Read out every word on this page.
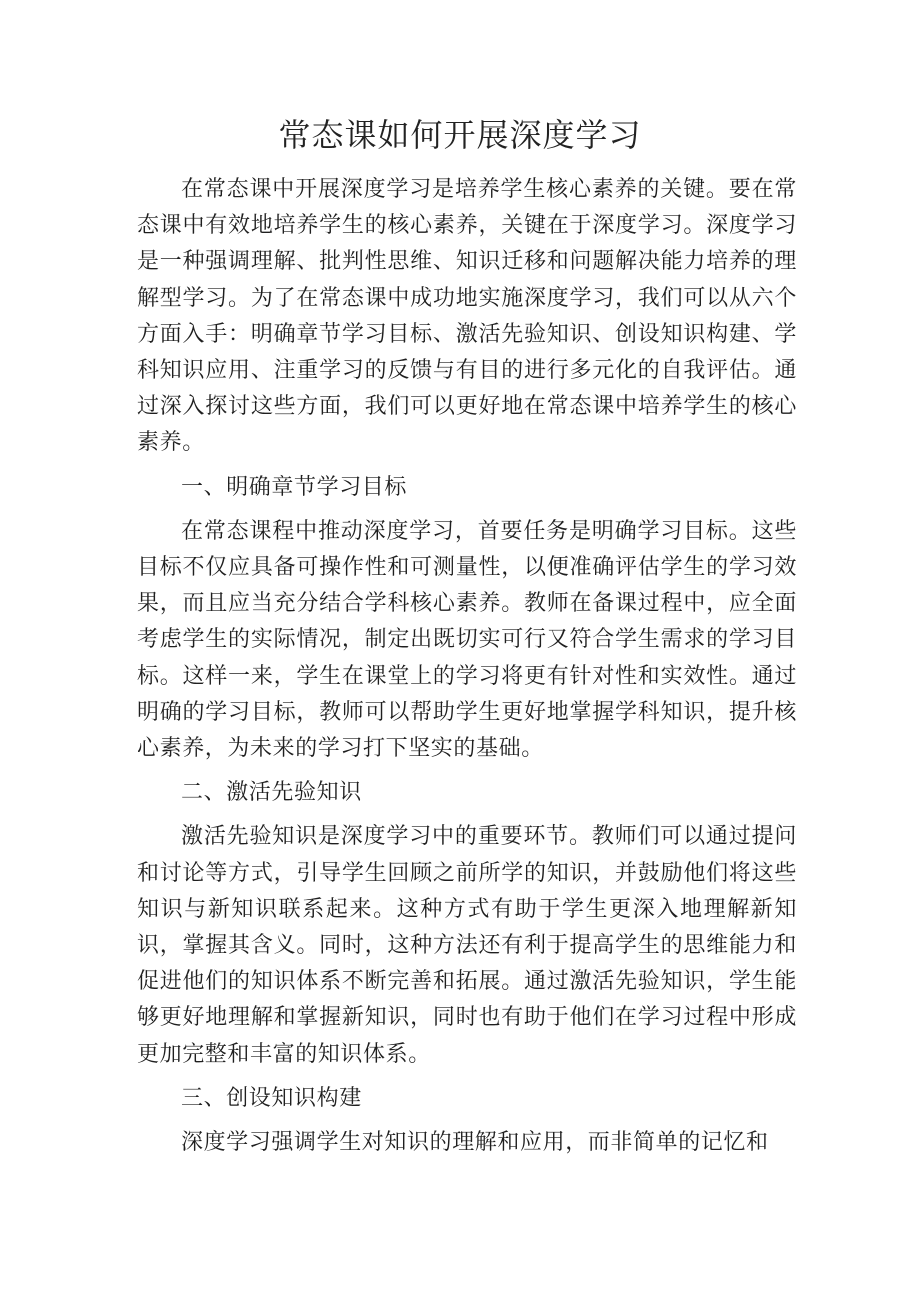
常态课如何开展深度学习

在常态课中开展深度学习是培养学生核心素养的关键。要在常态课中有效地培养学生的核心素养，关键在于深度学习。深度学习是一种强调理解、批判性思维、知识迁移和问题解决能力培养的理解型学习。为了在常态课中成功地实施深度学习，我们可以从六个方面入手：明确章节学习目标、激活先验知识、创设知识构建、学科知识应用、注重学习的反馈与有目的进行多元化的自我评估。通过深入探讨这些方面，我们可以更好地在常态课中培养学生的核心素养。

一、明确章节学习目标

在常态课程中推动深度学习，首要任务是明确学习目标。这些目标不仅应具备可操作性和可测量性，以便准确评估学生的学习效果，而且应当充分结合学科核心素养。教师在备课过程中，应全面考虑学生的实际情况，制定出既切实可行又符合学生需求的学习目标。这样一来，学生在课堂上的学习将更有针对性和实效性。通过明确的学习目标，教师可以帮助学生更好地掌握学科知识，提升核心素养，为未来的学习打下坚实的基础。

二、激活先验知识

激活先验知识是深度学习中的重要环节。教师们可以通过提问和讨论等方式，引导学生回顾之前所学的知识，并鼓励他们将这些知识与新知识联系起来。这种方式有助于学生更深入地理解新知识，掌握其含义。同时，这种方法还有利于提高学生的思维能力和促进他们的知识体系不断完善和拓展。通过激活先验知识，学生能够更好地理解和掌握新知识，同时也有助于他们在学习过程中形成更加完整和丰富的知识体系。

三、创设知识构建

深度学习强调学生对知识的理解和应用，而非简单的记忆和
